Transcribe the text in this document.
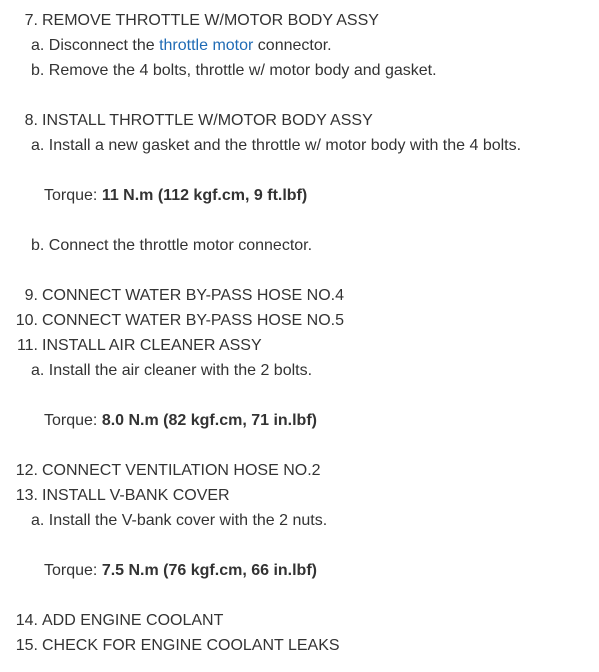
7. REMOVE THROTTLE W/MOTOR BODY ASSY
a. Disconnect the throttle motor connector.
b. Remove the 4 bolts, throttle w/ motor body and gasket.
8. INSTALL THROTTLE W/MOTOR BODY ASSY
a. Install a new gasket and the throttle w/ motor body with the 4 bolts.
Torque: 11 N.m (112 kgf.cm, 9 ft.lbf)
b. Connect the throttle motor connector.
9. CONNECT WATER BY-PASS HOSE NO.4
10. CONNECT WATER BY-PASS HOSE NO.5
11. INSTALL AIR CLEANER ASSY
a. Install the air cleaner with the 2 bolts.
Torque: 8.0 N.m (82 kgf.cm, 71 in.lbf)
12. CONNECT VENTILATION HOSE NO.2
13. INSTALL V-BANK COVER
a. Install the V-bank cover with the 2 nuts.
Torque: 7.5 N.m (76 kgf.cm, 66 in.lbf)
14. ADD ENGINE COOLANT
15. CHECK FOR ENGINE COOLANT LEAKS
